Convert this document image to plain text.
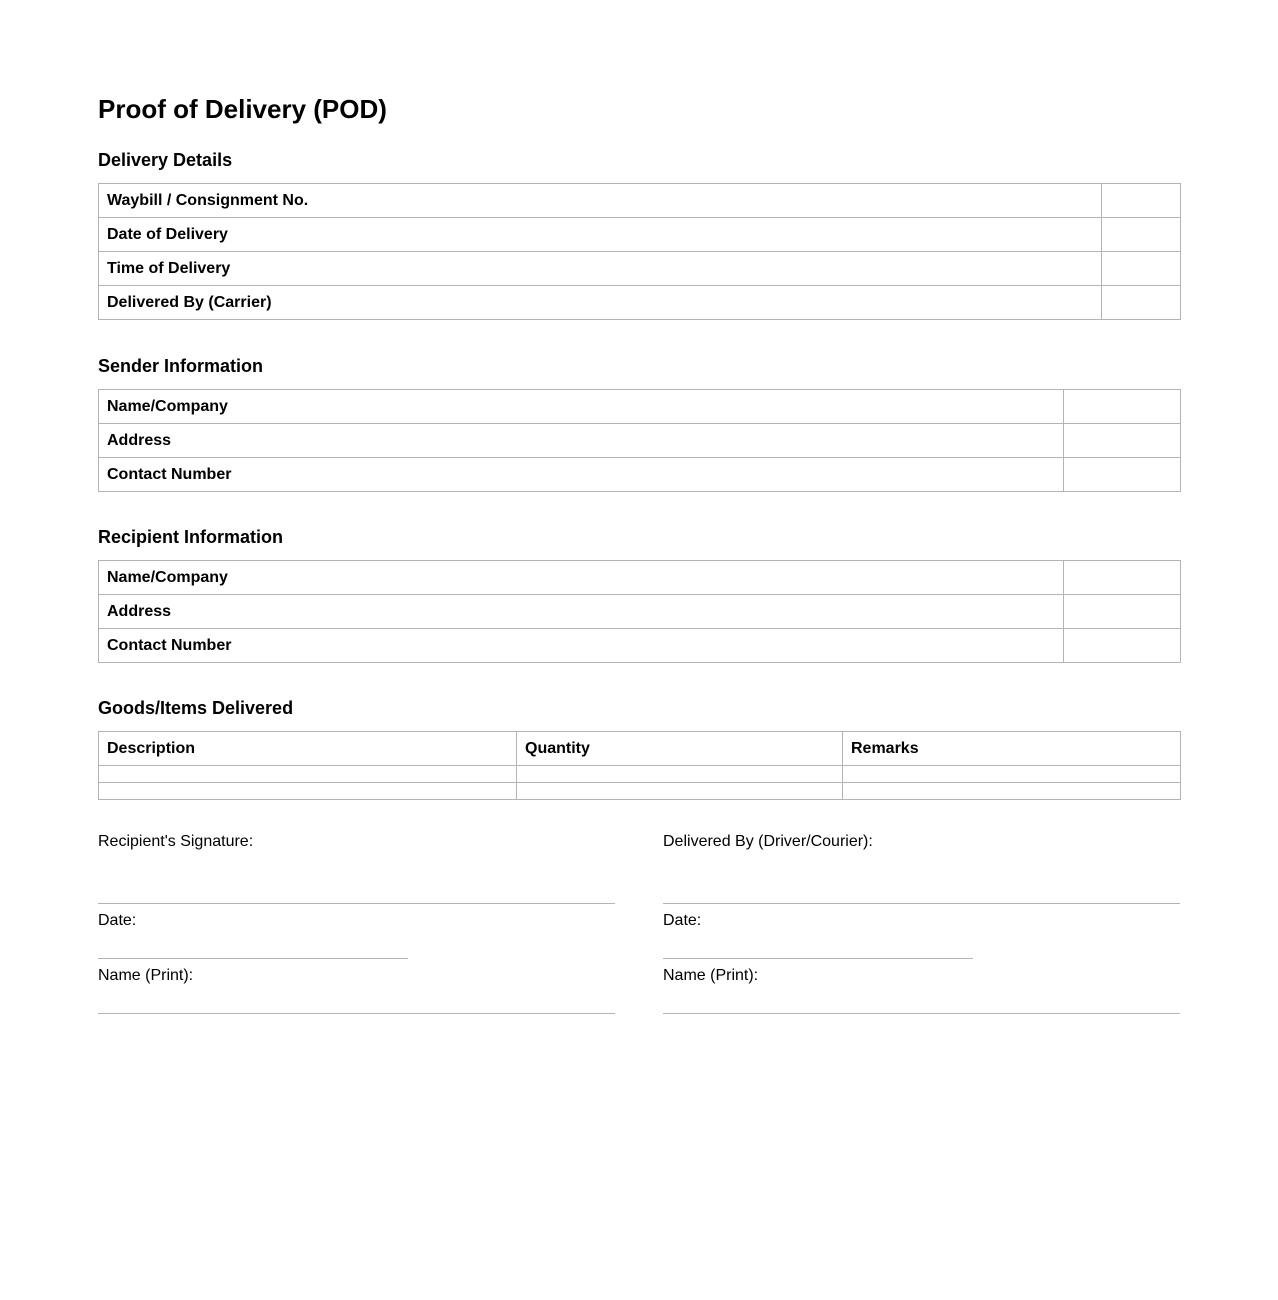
Proof of Delivery (POD)
Delivery Details
Waybill / Consignment No.	
Date of Delivery	
Time of Delivery	
Delivered By (Carrier)	
Sender Information
Name/Company	
Address	
Contact Number	
Recipient Information
Name/Company	
Address	
Contact Number	
Goods/Items Delivered
Description	Quantity	Remarks

Recipient's Signature:

Date:

Name (Print):

Delivered By (Driver/Courier):

Date:

Name (Print):
